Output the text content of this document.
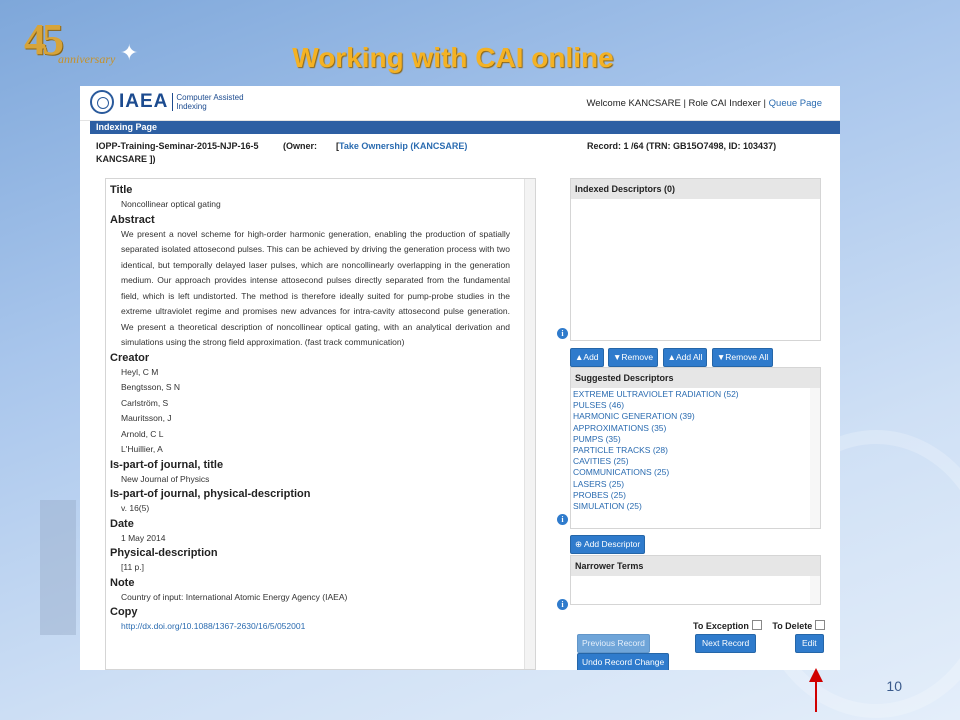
45
anniversary ✦	Working with CAI online
IAEA	Computer Assisted
Indexing	Welcome KANCSARE | Role CAI Indexer | Queue Page
Indexing Page
IOPP-Training-Seminar-2015-NJP-16-5
KANCSARE ])
(Owner: [Take Ownership (KANCSARE)	Record: 1 /64 (TRN: GB15O7498, ID: 103437)

Title

Noncollinear optical gating

Abstract

We present a novel scheme for high-order harmonic generation, enabling the production of spatially separated isolated attosecond pulses. This can be achieved by driving the generation process with two identical, but temporally delayed laser pulses, which are noncollinearly overlapping in the generation medium. Our approach provides intense attosecond pulses directly separated from the fundamental field, which is left undistorted. The method is therefore ideally suited for pump-probe studies in the extreme ultraviolet regime and promises new advances for intra-cavity attosecond pulse generation. We present a theoretical description of noncollinear optical gating, with an analytical derivation and simulations using the strong field approximation. (fast track communication)

Creator

Heyl, C M

Bengtsson, S N

Carlström, S

Mauritsson, J

Arnold, C L

L'Huillier, A

Is-part-of journal, title

New Journal of Physics

Is-part-of journal, physical-description

v. 16(5)

Date

1 May 2014

Physical-description

[11 p.]

Note

Country of input: International Atomic Energy Agency (IAEA)

Copy

http://dx.doi.org/10.1088/1367-2630/16/5/052001

i
i
i
Indexed Descriptors (0)
▲Add ▼Remove ▲Add All ▼Remove All
Suggested Descriptors
EXTREME ULTRAVIOLET RADIATION (52)
PULSES (46)
HARMONIC GENERATION (39)
APPROXIMATIONS (35)
PUMPS (35)
PARTICLE TRACKS (28)
CAVITIES (25)
COMMUNICATIONS (25)
LASERS (25)
PROBES (25)
SIMULATION (25)
⊕ Add Descriptor
Narrower Terms
To Exception	To Delete
Previous Record	Next Record	Edit
Undo Record Change
10
